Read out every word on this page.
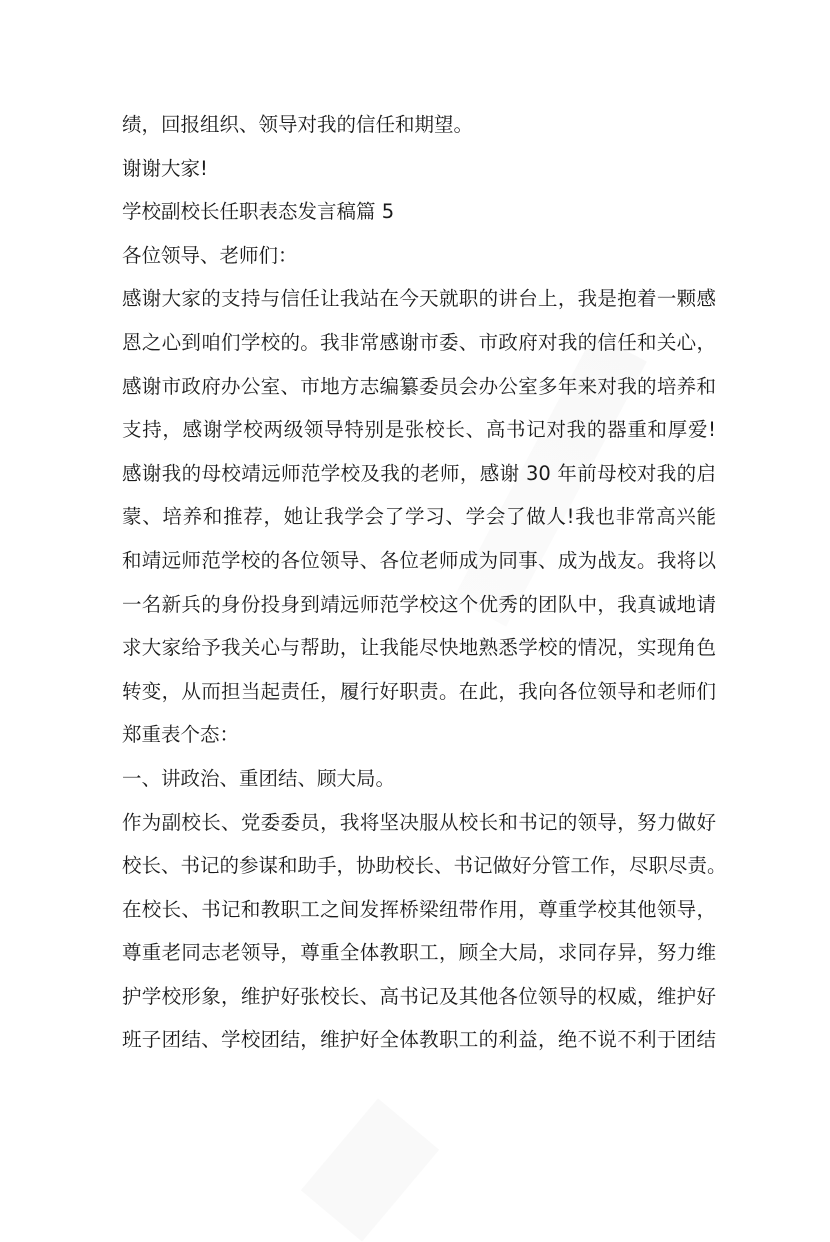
绩，回报组织、领导对我的信任和期望。
谢谢大家!
学校副校长任职表态发言稿篇 5
各位领导、老师们：
感谢大家的支持与信任让我站在今天就职的讲台上，我是抱着一颗感
恩之心到咱们学校的。我非常感谢市委、市政府对我的信任和关心，
感谢市政府办公室、市地方志编纂委员会办公室多年来对我的培养和
支持，感谢学校两级领导特别是张校长、高书记对我的器重和厚爱!
感谢我的母校靖远师范学校及我的老师，感谢 30 年前母校对我的启
蒙、培养和推荐，她让我学会了学习、学会了做人!我也非常高兴能
和靖远师范学校的各位领导、各位老师成为同事、成为战友。我将以
一名新兵的身份投身到靖远师范学校这个优秀的团队中，我真诚地请
求大家给予我关心与帮助，让我能尽快地熟悉学校的情况，实现角色
转变，从而担当起责任，履行好职责。在此，我向各位领导和老师们
郑重表个态：
一、讲政治、重团结、顾大局。
作为副校长、党委委员，我将坚决服从校长和书记的领导，努力做好
校长、书记的参谋和助手，协助校长、书记做好分管工作，尽职尽责。
在校长、书记和教职工之间发挥桥梁纽带作用，尊重学校其他领导，
尊重老同志老领导，尊重全体教职工，顾全大局，求同存异，努力维
护学校形象，维护好张校长、高书记及其他各位领导的权威，维护好
班子团结、学校团结，维护好全体教职工的利益，绝不说不利于团结
